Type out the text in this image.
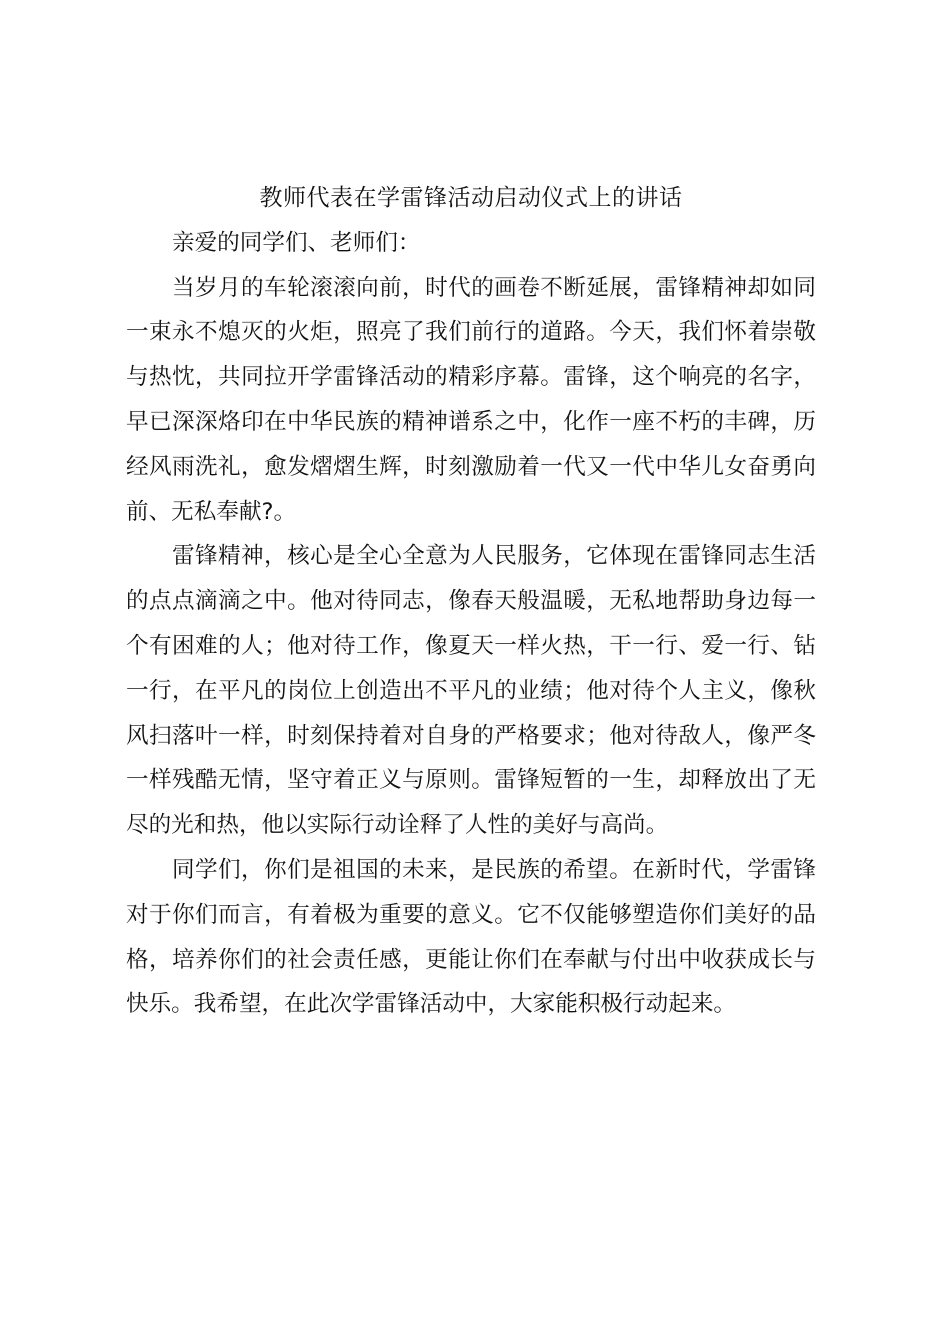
教师代表在学雷锋活动启动仪式上的讲话

亲爱的同学们、老师们：

当岁月的车轮滚滚向前，时代的画卷不断延展，雷锋精神却如同一束永不熄灭的火炬，照亮了我们前行的道路。今天，我们怀着崇敬与热忱，共同拉开学雷锋活动的精彩序幕。雷锋，这个响亮的名字，早已深深烙印在中华民族的精神谱系之中，化作一座不朽的丰碑，历经风雨洗礼，愈发熠熠生辉，时刻激励着一代又一代中华儿女奋勇向前、无私奉献?。

雷锋精神，核心是全心全意为人民服务，它体现在雷锋同志生活的点点滴滴之中。他对待同志，像春天般温暖，无私地帮助身边每一个有困难的人；他对待工作，像夏天一样火热，干一行、爱一行、钻一行，在平凡的岗位上创造出不平凡的业绩；他对待个人主义，像秋风扫落叶一样，时刻保持着对自身的严格要求；他对待敌人，像严冬一样残酷无情，坚守着正义与原则。雷锋短暂的一生，却释放出了无尽的光和热，他以实际行动诠释了人性的美好与高尚。

同学们，你们是祖国的未来，是民族的希望。在新时代，学雷锋对于你们而言，有着极为重要的意义。它不仅能够塑造你们美好的品格，培养你们的社会责任感，更能让你们在奉献与付出中收获成长与快乐。我希望，在此次学雷锋活动中，大家能积极行动起来。
